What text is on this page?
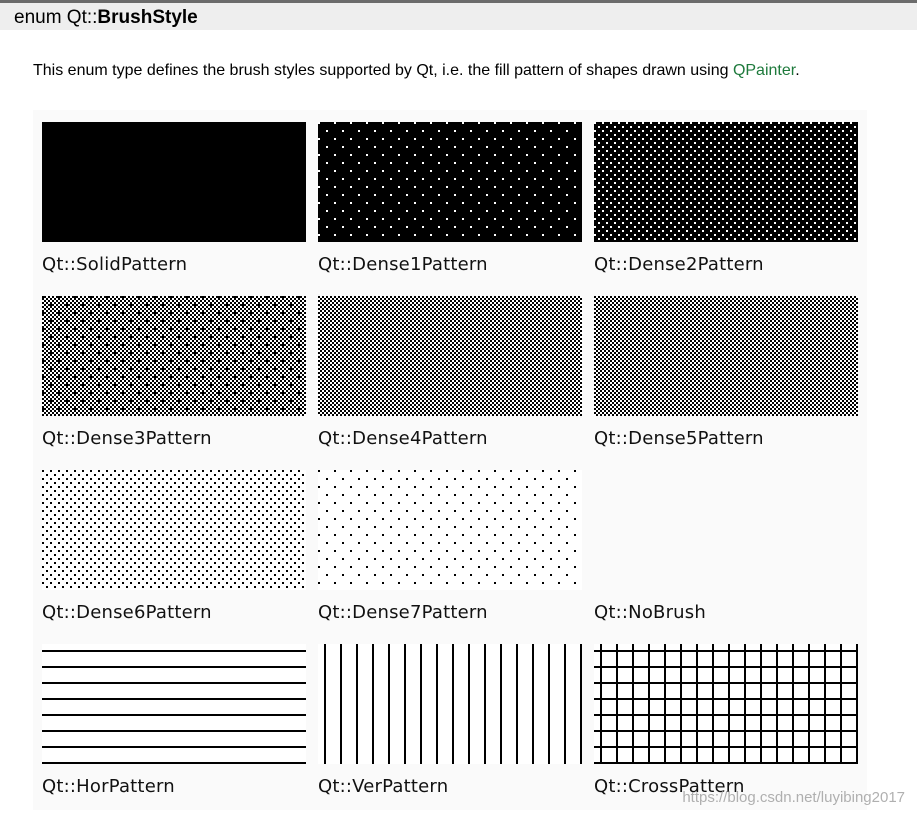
enum Qt::BrushStyle

This enum type defines the brush styles supported by Qt, i.e. the fill pattern of shapes drawn using QPainter.

Qt::SolidPattern	Qt::Dense1Pattern	Qt::Dense2Pattern

Qt::Dense3Pattern	Qt::Dense4Pattern	Qt::Dense5Pattern

Qt::Dense6Pattern	Qt::Dense7Pattern	Qt::NoBrush

Qt::HorPattern	Qt::VerPattern	Qt::CrossPattern

https://blog.csdn.net/luyibing2017
